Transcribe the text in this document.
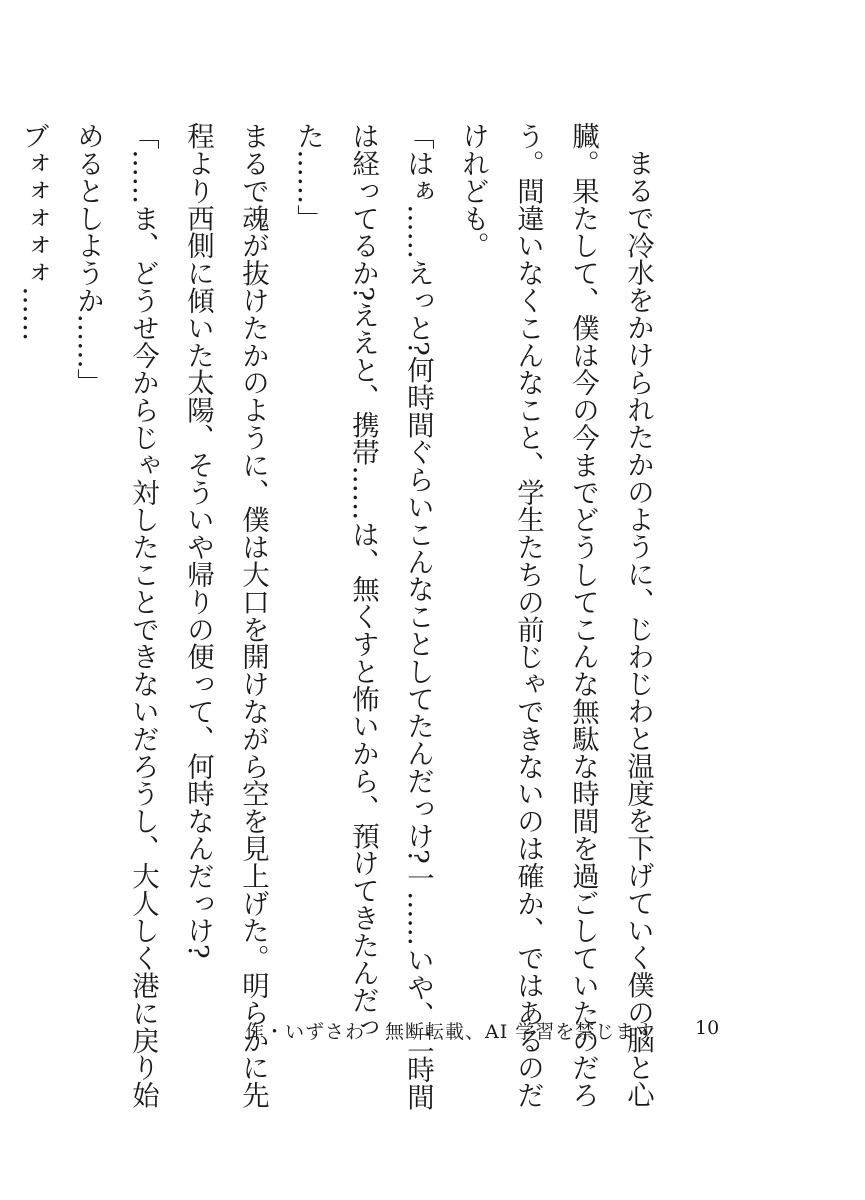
まるで冷水をかけられたかのように、じわじわと温度を下げていく僕の脳と心臓。果たして、僕は今の今までどうしてこんな無駄な時間を過ごしていたのだろう。間違いなくこんなこと、学生たちの前じゃできないのは確か、ではあるのだけれども。

「はぁ……えっと?何時間ぐらいこんなことしてたんだっけ?一……いや、二時間は経ってるか?ええと、携帯……は、無くすと怖いから、預けてきたんだった……」

まるで魂が抜けたかのように、僕は大口を開けながら空を見上げた。明らかに先程より西側に傾いた太陽、そういや帰りの便って、何時なんだっけ?

「……ま、どうせ今からじゃ対したことできないだろうし、大人しく港に戻り始めるとしようか……」

ブォォォォォ……

作・いずさわ　無断転載、AI 学習を禁じます 10
